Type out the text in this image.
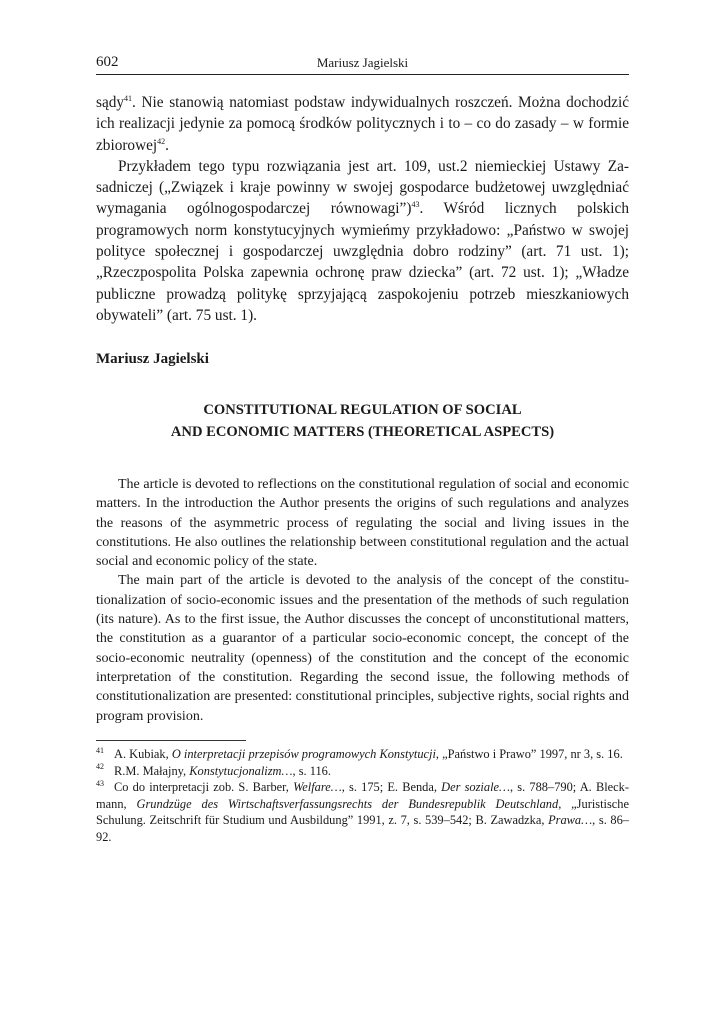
602	Mariusz Jagielski

sądy$^{41}$. Nie stanowią natomiast podstaw indywidualnych roszczeń. Można dochodzić ich realizacji jedynie za pomocą środków politycznych i to – co do zasady – w formie zbiorowej$^{42}$.

Przykładem tego typu rozwiązania jest art. 109, ust.2 niemieckiej Ustawy Zasadniczej („Związek i kraje powinny w swojej gospodarce budżetowej uwzględniać wymagania ogólnogospodarczej równowagi”)$^{43}$. Wśród licznych polskich programowych norm konstytucyjnych wymieńmy przykładowo: „Państwo w swojej polityce społecznej i gospodarczej uwzględnia dobro rodziny” (art. 71 ust. 1); „Rzeczpospolita Polska zapewnia ochronę praw dziecka” (art. 72 ust. 1); „Władze publiczne prowadzą politykę sprzyjającą zaspokojeniu potrzeb mieszkaniowych obywateli” (art. 75 ust. 1).

Mariusz Jagielski
CONSTITUTIONAL REGULATION OF SOCIAL
AND ECONOMIC MATTERS (THEORETICAL ASPECTS)

The article is devoted to reflections on the constitutional regulation of social and economic matters. In the introduction the Author presents the origins of such regulations and analyzes the reasons of the asymmetric process of regulating the social and living issues in the constitutions. He also outlines the relationship between constitutional regulation and the actual social and economic policy of the state.

The main part of the article is devoted to the analysis of the concept of the constitutionalization of socio-economic issues and the presentation of the methods of such regulation (its nature). As to the first issue, the Author discusses the concept of unconstitutional matters, the constitution as a guarantor of a particular socio-economic concept, the concept of the socio-economic neutrality (openness) of the constitution and the concept of the economic interpretation of the constitution. Regarding the second issue, the following methods of constitutionalization are presented: constitutional principles, subjective rights, social rights and program provision.

41 A. Kubiak, O interpretacji przepisów programowych Konstytucji, „Państwo i Prawo” 1997, nr 3, s. 16.

42 R.M. Małajny, Konstytucjonalizm…, s. 116.

43 Co do interpretacji zob. S. Barber, Welfare…, s. 175; E. Benda, Der soziale…, s. 788–790; A. Bleckmann, Grundzüge des Wirtschaftsverfassungsrechts der Bundesrepublik Deutschland, „Juristische Schulung. Zeitschrift für Studium und Ausbildung” 1991, z. 7, s. 539–542; B. Zawadzka, Prawa…, s. 86–92.
